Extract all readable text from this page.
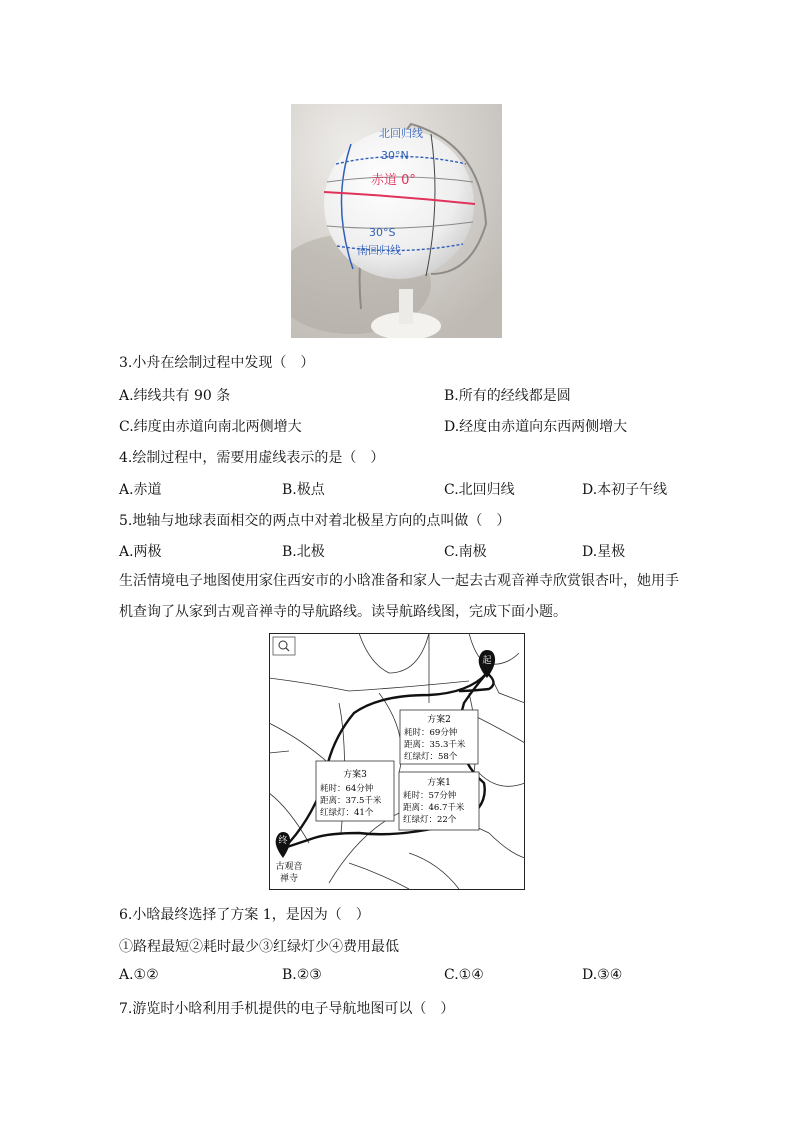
北回归线
30°N
赤道 0°
30°S
南回归线
3.小舟在绘制过程中发现（　）
A.纬线共有 90 条	B.所有的经线都是圆
C.纬度由赤道向南北两侧增大	D.经度由赤道向东西两侧增大
4.绘制过程中，需要用虚线表示的是（　）
A.赤道	B.极点	C.北回归线	D.本初子午线
5.地轴与地球表面相交的两点中对着北极星方向的点叫做（　）
A.两极	B.北极	C.南极	D.星极
生活情境电子地图使用家住西安市的小晗准备和家人一起去古观音禅寺欣赏银杏叶，她用手机查询了从家到古观音禅寺的导航路线。读导航路线图，完成下面小题。
起
终
古观音
禅寺
方案2
耗时：69分钟
距离：35.3千米
红绿灯：58个
方案3
耗时：64分钟
距离：37.5千米
红绿灯：41个
方案1
耗时：57分钟
距离：46.7千米
红绿灯：22个
6.小晗最终选择了方案 1，是因为（　）
①路程最短②耗时最少③红绿灯少④费用最低
A.①②	B.②③	C.①④	D.③④
7.游览时小晗利用手机提供的电子导航地图可以（　）
